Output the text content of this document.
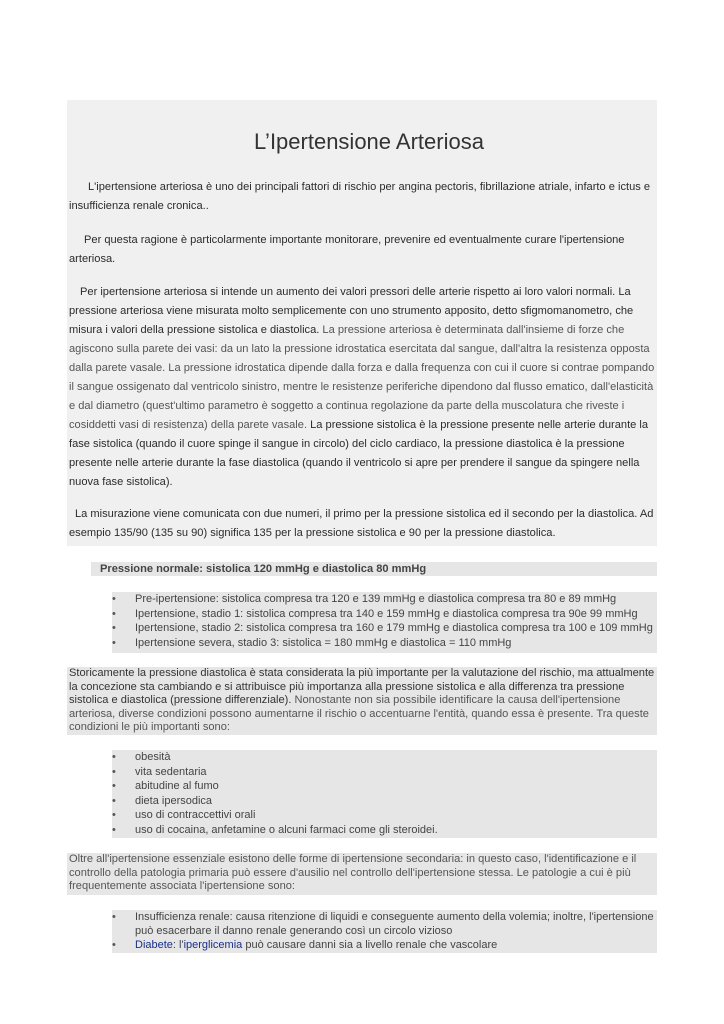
L’Ipertensione Arteriosa

L'ipertensione arteriosa è uno dei principali fattori di rischio per angina pectoris, fibrillazione atriale, infarto e ictus e insufficienza renale cronica..

Per questa ragione è particolarmente importante monitorare, prevenire ed eventualmente curare l'ipertensione arteriosa.

Per ipertensione arteriosa si intende un aumento dei valori pressori delle arterie rispetto ai loro valori normali. La pressione arteriosa viene misurata molto semplicemente con uno strumento apposito, detto sfigmomanometro, che misura i valori della pressione sistolica e diastolica. La pressione arteriosa è determinata dall'insieme di forze che agiscono sulla parete dei vasi: da un lato la pressione idrostatica esercitata dal sangue, dall'altra la resistenza opposta dalla parete vasale. La pressione idrostatica dipende dalla forza e dalla frequenza con cui il cuore si contrae pompando il sangue ossigenato dal ventricolo sinistro, mentre le resistenze periferiche dipendono dal flusso ematico, dall'elasticità e dal diametro (quest'ultimo parametro è soggetto a continua regolazione da parte della muscolatura che riveste i cosiddetti vasi di resistenza) della parete vasale. La pressione sistolica è la pressione presente nelle arterie durante la fase sistolica (quando il cuore spinge il sangue in circolo) del ciclo cardiaco, la pressione diastolica è la pressione presente nelle arterie durante la fase diastolica (quando il ventricolo si apre per prendere il sangue da spingere nella nuova fase sistolica).

La misurazione viene comunicata con due numeri, il primo per la pressione sistolica ed il secondo per la diastolica. Ad esempio 135/90 (135 su 90) significa 135 per la pressione sistolica e 90 per la pressione diastolica.

Pressione normale: sistolica 120 mmHg e diastolica 80 mmHg

•	Pre-ipertensione: sistolica compresa tra 120 e 139 mmHg e diastolica compresa tra 80 e 89 mmHg
•	Ipertensione, stadio 1: sistolica compresa tra 140 e 159 mmHg e diastolica compresa tra 90e 99 mmHg
•	Ipertensione, stadio 2: sistolica compresa tra 160 e 179 mmHg e diastolica compresa tra 100 e 109 mmHg
•	Ipertensione severa, stadio 3: sistolica = 180 mmHg e diastolica = 110 mmHg
Storicamente la pressione diastolica è stata considerata la più importante per la valutazione del rischio, ma attualmente la concezione sta cambiando e si attribuisce più importanza alla pressione sistolica e alla differenza tra pressione sistolica e diastolica (pressione differenziale). Nonostante non sia possibile identificare la causa dell'ipertensione arteriosa, diverse condizioni possono aumentarne il rischio o accentuarne l'entità, quando essa è presente. Tra queste condizioni le più importanti sono:
•	obesità
•	vita sedentaria
•	abitudine al fumo
•	dieta ipersodica
•	uso di contraccettivi orali
•	uso di cocaina, anfetamine o alcuni farmaci come gli steroidei.
Oltre all'ipertensione essenziale esistono delle forme di ipertensione secondaria: in questo caso, l'identificazione e il controllo della patologia primaria può essere d'ausilio nel controllo dell'ipertensione stessa. Le patologie a cui è più frequentemente associata l'ipertensione sono:
•	Insufficienza renale: causa ritenzione di liquidi e conseguente aumento della volemia; inoltre, l'ipertensione può esacerbare il danno renale generando così un circolo vizioso
•	Diabete: l'iperglicemia può causare danni sia a livello renale che vascolare
